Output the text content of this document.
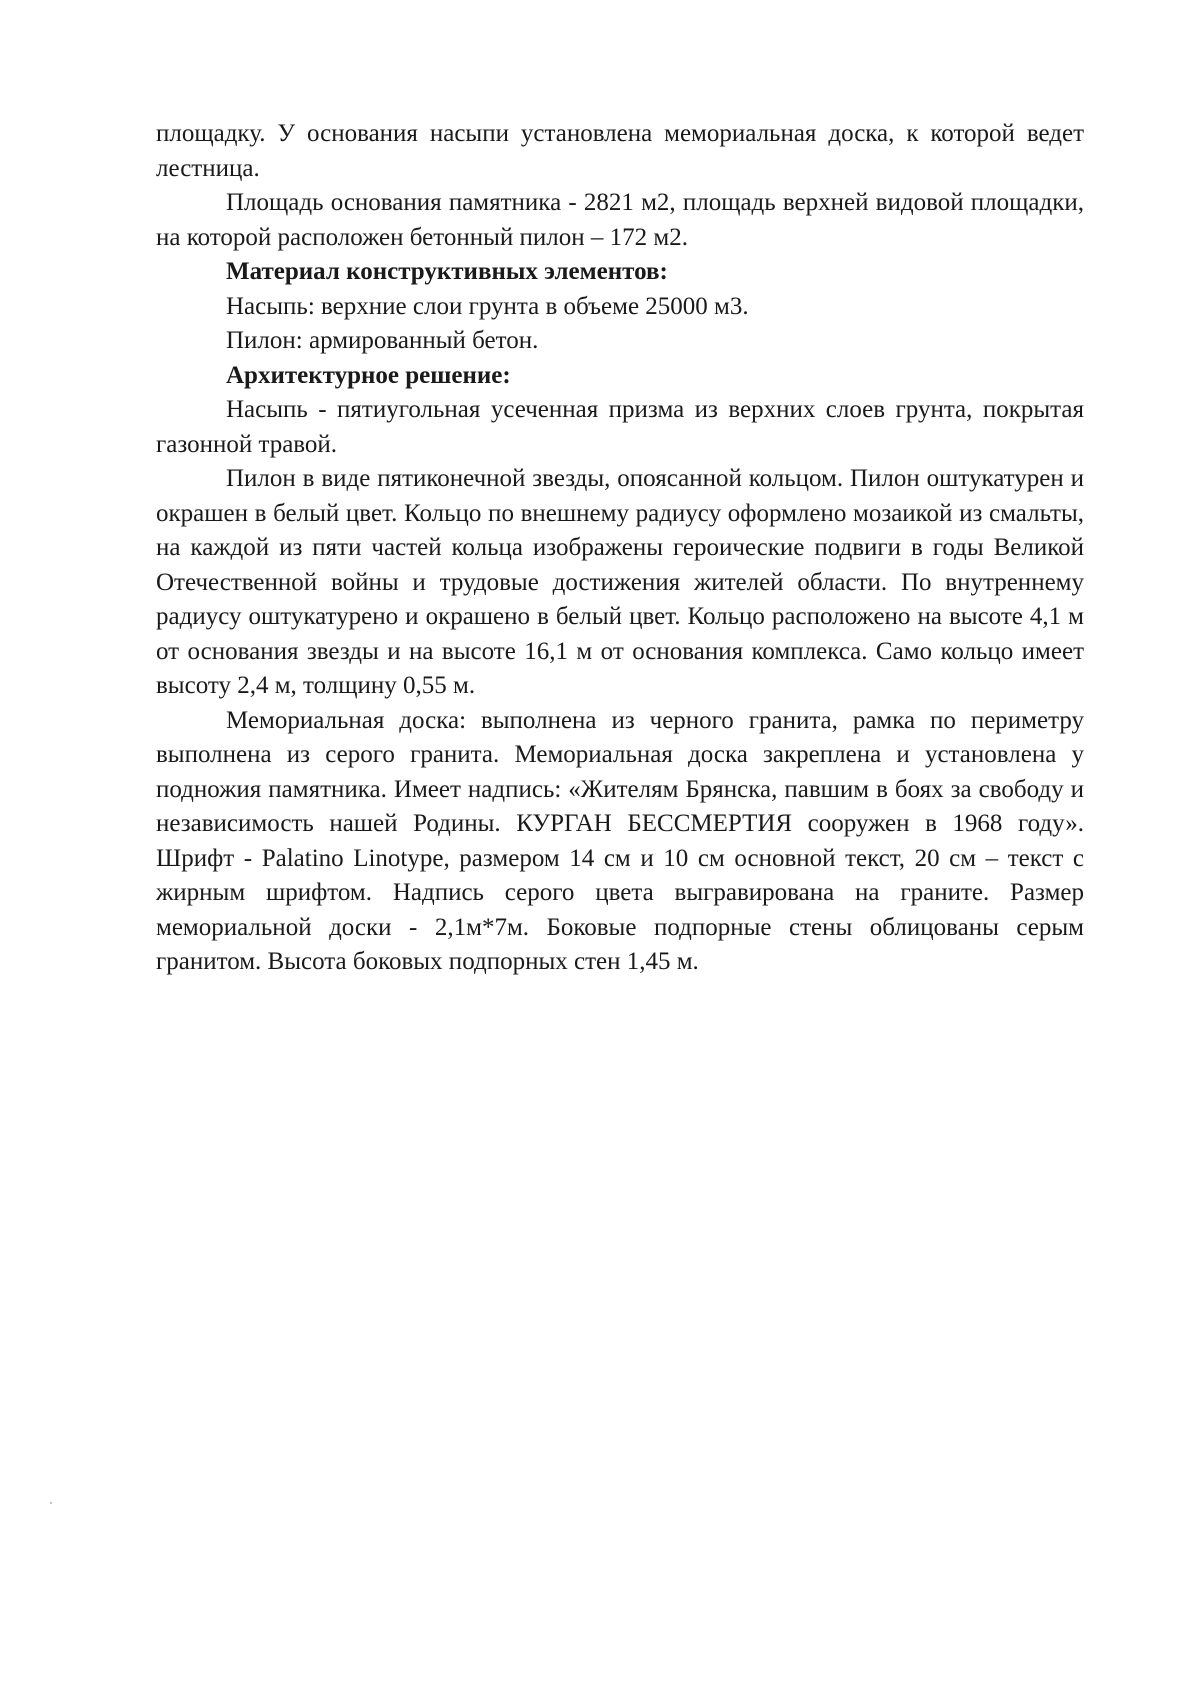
площадку. У основания насыпи установлена мемориальная доска, к которой ведет лестница.

Площадь основания памятника - 2821 м2, площадь верхней видовой площадки, на которой расположен бетонный пилон – 172 м2.

Материал конструктивных элементов:

Насыпь: верхние слои грунта в объеме 25000 м3.

Пилон: армированный бетон.

Архитектурное решение:

Насыпь - пятиугольная усеченная призма из верхних слоев грунта, покрытая газонной травой.

Пилон в виде пятиконечной звезды, опоясанной кольцом. Пилон оштукатурен и окрашен в белый цвет. Кольцо по внешнему радиусу оформлено мозаикой из смальты, на каждой из пяти частей кольца изображены героические подвиги в годы Великой Отечественной войны и трудовые достижения жителей области. По внутреннему радиусу оштукатурено и окрашено в белый цвет. Кольцо расположено на высоте 4,1 м от основания звезды и на высоте 16,1 м от основания комплекса. Само кольцо имеет высоту 2,4 м, толщину 0,55 м.

Мемориальная доска: выполнена из черного гранита, рамка по периметру выполнена из серого гранита. Мемориальная доска закреплена и установлена у подножия памятника. Имеет надпись: «Жителям Брянска, павшим в боях за свободу и независимость нашей Родины. КУРГАН БЕССМЕРТИЯ сооружен в 1968 году». Шрифт - Palatino Linotype, размером 14 см и 10 см основной текст, 20 см – текст с жирным шрифтом. Надпись серого цвета выгравирована на граните. Размер мемориальной доски - 2,1м*7м. Боковые подпорные стены облицованы серым гранитом. Высота боковых подпорных стен 1,45 м.
